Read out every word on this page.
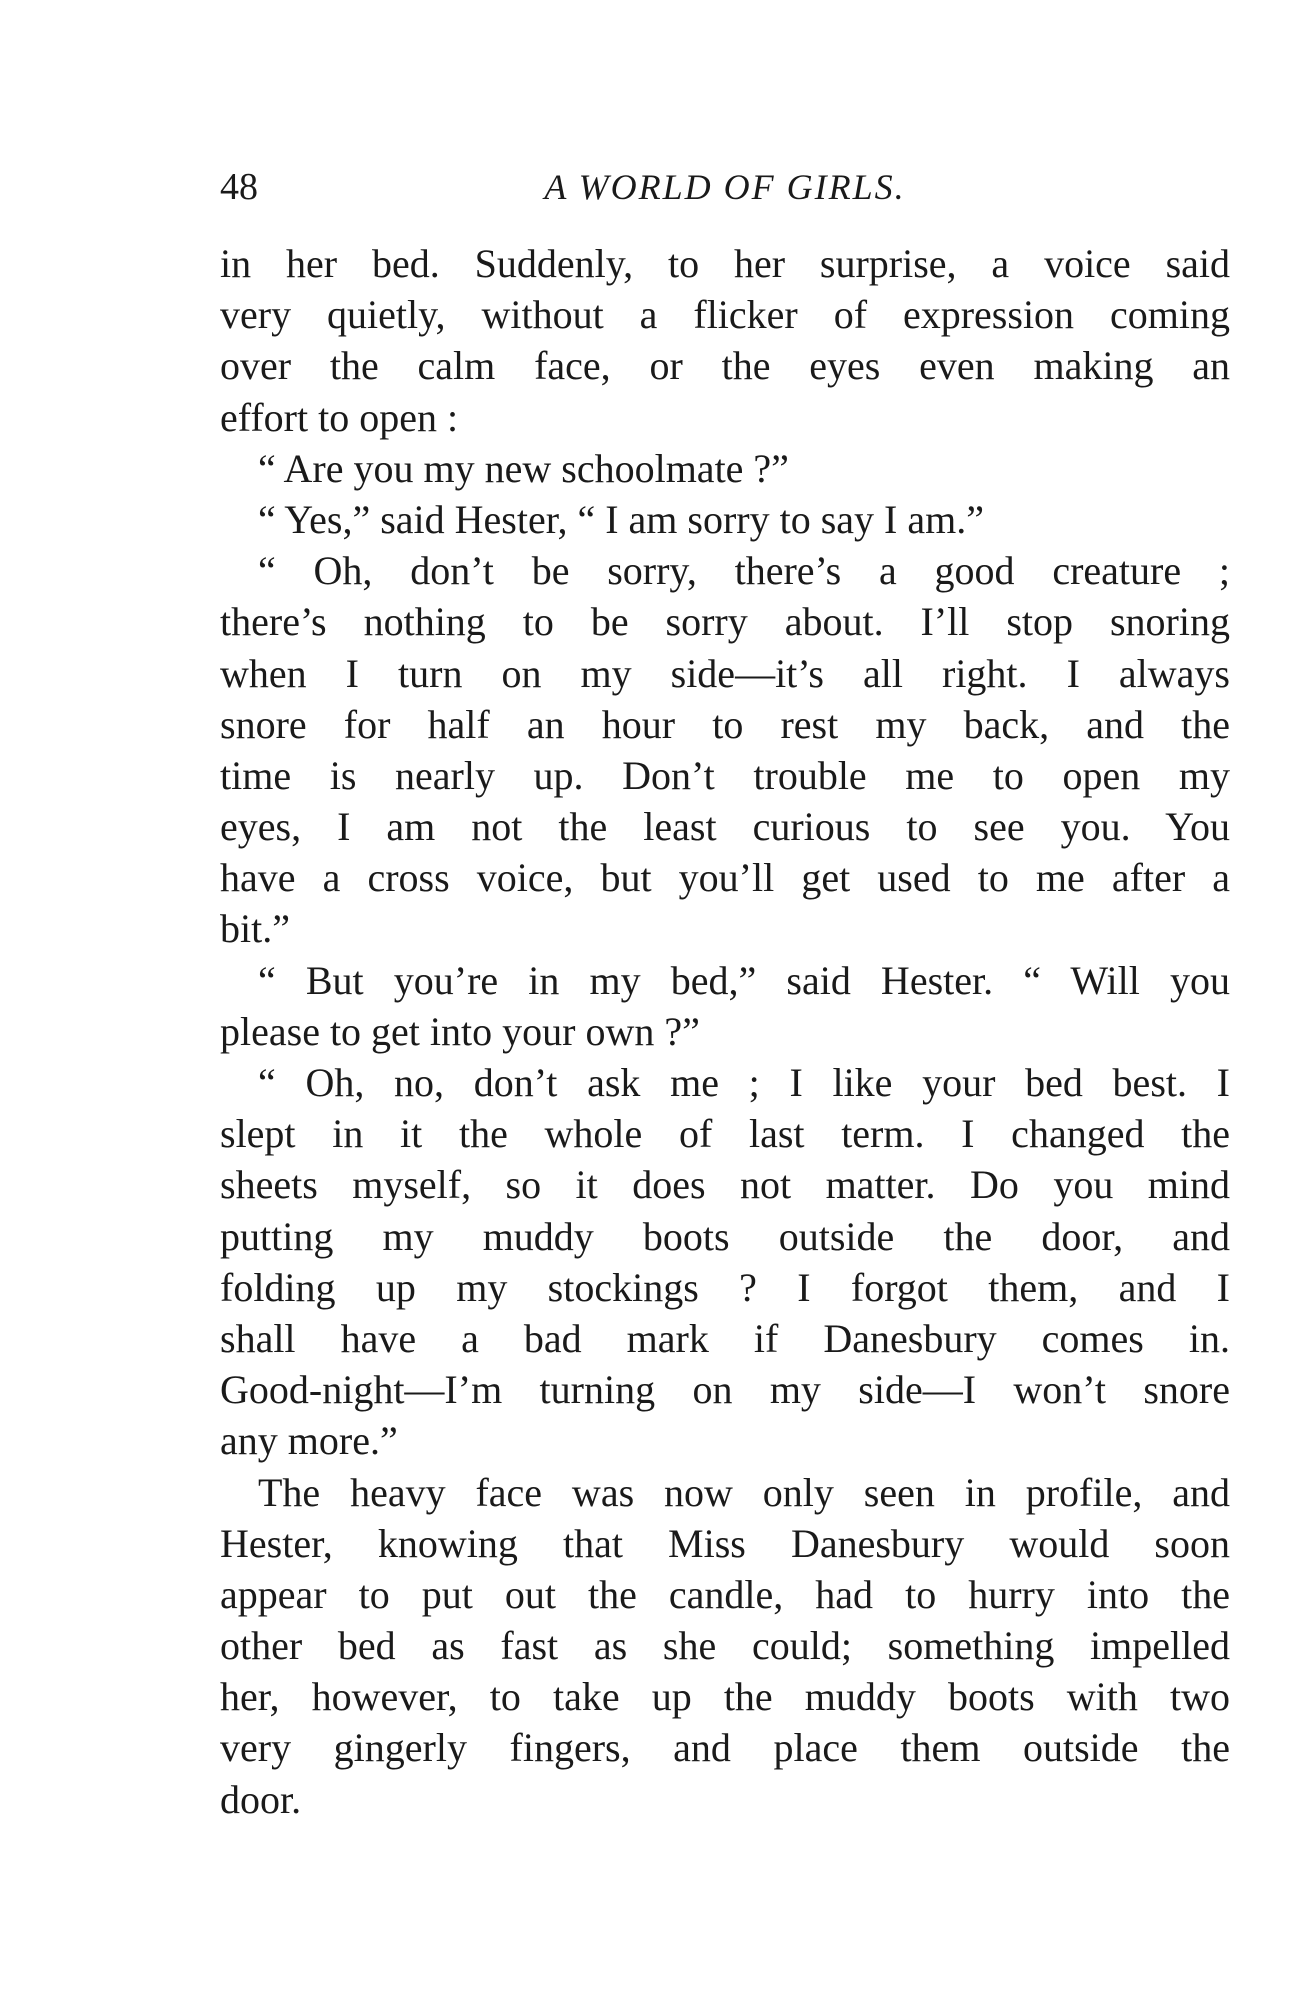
48	A WORLD OF GIRLS.
in her bed. Suddenly, to her surprise, a voice said
very quietly, without a flicker of expression coming
over the calm face, or the eyes even making an
effort to open :
“ Are you my new schoolmate ?”
“ Yes,” said Hester, “ I am sorry to say I am.”
“ Oh, don’t be sorry, there’s a good creature ;
there’s nothing to be sorry about. I’ll stop snoring
when I turn on my side—it’s all right. I always
snore for half an hour to rest my back, and the
time is nearly up. Don’t trouble me to open my
eyes, I am not the least curious to see you. You
have a cross voice, but you’ll get used to me after a
bit.”
“ But you’re in my bed,” said Hester. “ Will you
please to get into your own ?”
“ Oh, no, don’t ask me ; I like your bed best. I
slept in it the whole of last term. I changed the
sheets myself, so it does not matter. Do you mind
putting my muddy boots outside the door, and
folding up my stockings ? I forgot them, and I
shall have a bad mark if Danesbury comes in.
Good-night—I’m turning on my side—I won’t snore
any more.”
The heavy face was now only seen in profile, and
Hester, knowing that Miss Danesbury would soon
appear to put out the candle, had to hurry into the
other bed as fast as she could; something impelled
her, however, to take up the muddy boots with two
very gingerly fingers, and place them outside the
door.
